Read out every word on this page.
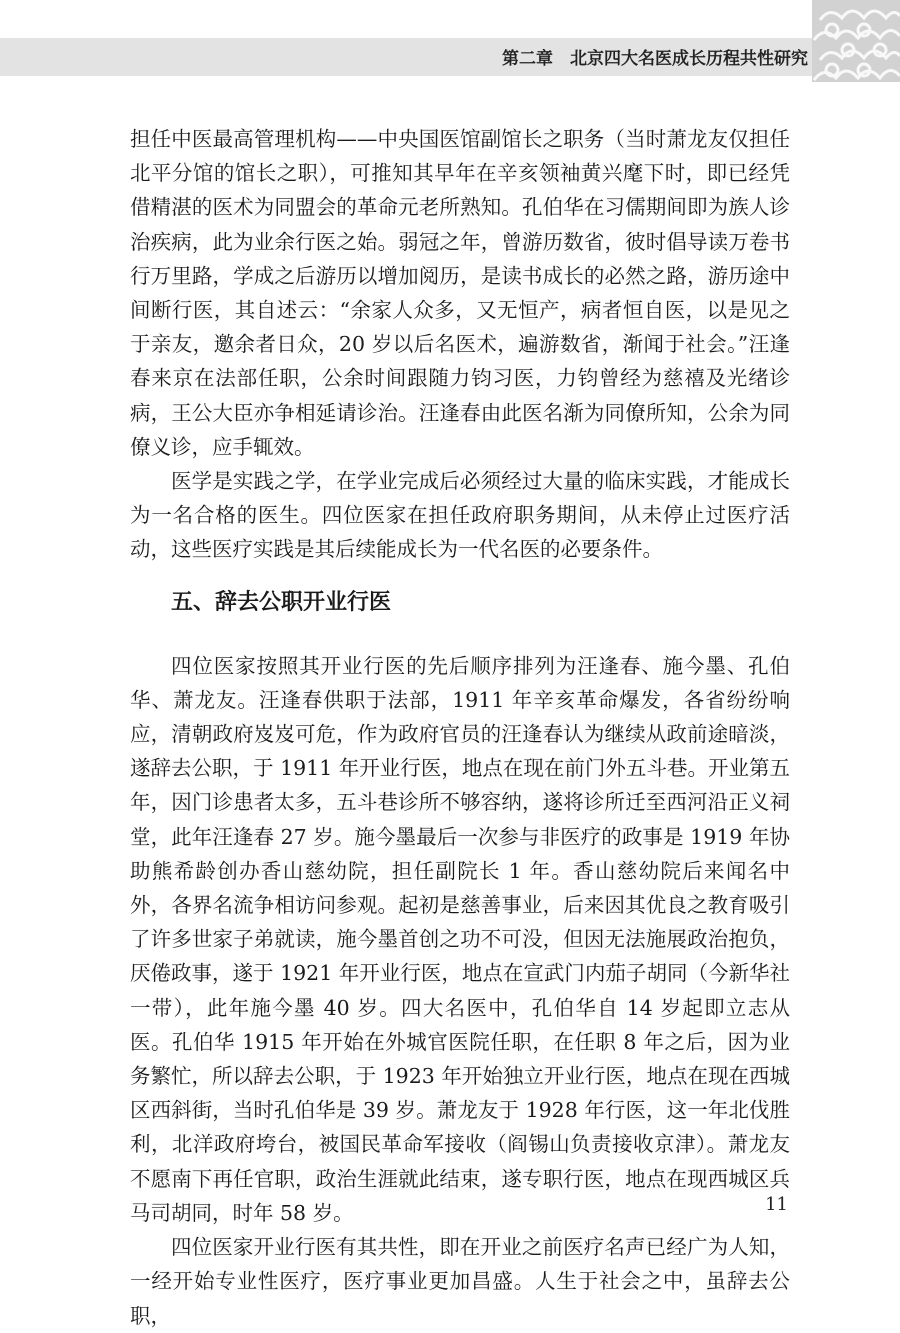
第二章　北京四大名医成长历程共性研究

担任中医最高管理机构——中央国医馆副馆长之职务（当时萧龙友仅担任北平分馆的馆长之职），可推知其早年在辛亥领袖黄兴麾下时，即已经凭借精湛的医术为同盟会的革命元老所熟知。孔伯华在习儒期间即为族人诊治疾病，此为业余行医之始。弱冠之年，曾游历数省，彼时倡导读万卷书行万里路，学成之后游历以增加阅历，是读书成长的必然之路，游历途中间断行医，其自述云：“余家人众多，又无恒产，病者恒自医，以是见之于亲友，邀余者日众，20 岁以后名医术，遍游数省，渐闻于社会。”汪逢春来京在法部任职，公余时间跟随力钧习医，力钧曾经为慈禧及光绪诊病，王公大臣亦争相延请诊治。汪逢春由此医名渐为同僚所知，公余为同僚义诊，应手辄效。

医学是实践之学，在学业完成后必须经过大量的临床实践，才能成长为一名合格的医生。四位医家在担任政府职务期间，从未停止过医疗活动，这些医疗实践是其后续能成长为一代名医的必要条件。

五、辞去公职开业行医

四位医家按照其开业行医的先后顺序排列为汪逢春、施今墨、孔伯华、萧龙友。汪逢春供职于法部，1911 年辛亥革命爆发，各省纷纷响应，清朝政府岌岌可危，作为政府官员的汪逢春认为继续从政前途暗淡，遂辞去公职，于 1911 年开业行医，地点在现在前门外五斗巷。开业第五年，因门诊患者太多，五斗巷诊所不够容纳，遂将诊所迁至西河沿正义祠堂，此年汪逢春 27 岁。施今墨最后一次参与非医疗的政事是 1919 年协助熊希龄创办香山慈幼院，担任副院长 1 年。香山慈幼院后来闻名中外，各界名流争相访问参观。起初是慈善事业，后来因其优良之教育吸引了许多世家子弟就读，施今墨首创之功不可没，但因无法施展政治抱负，厌倦政事，遂于 1921 年开业行医，地点在宣武门内茄子胡同（今新华社一带），此年施今墨 40 岁。四大名医中，孔伯华自 14 岁起即立志从医。孔伯华 1915 年开始在外城官医院任职，在任职 8 年之后，因为业务繁忙，所以辞去公职，于 1923 年开始独立开业行医，地点在现在西城区西斜街，当时孔伯华是 39 岁。萧龙友于 1928 年行医，这一年北伐胜利，北洋政府垮台，被国民革命军接收（阎锡山负责接收京津）。萧龙友不愿南下再任官职，政治生涯就此结束，遂专职行医，地点在现西城区兵马司胡同，时年 58 岁。

四位医家开业行医有其共性，即在开业之前医疗名声已经广为人知，一经开始专业性医疗，医疗事业更加昌盛。人生于社会之中，虽辞去公职，

11
